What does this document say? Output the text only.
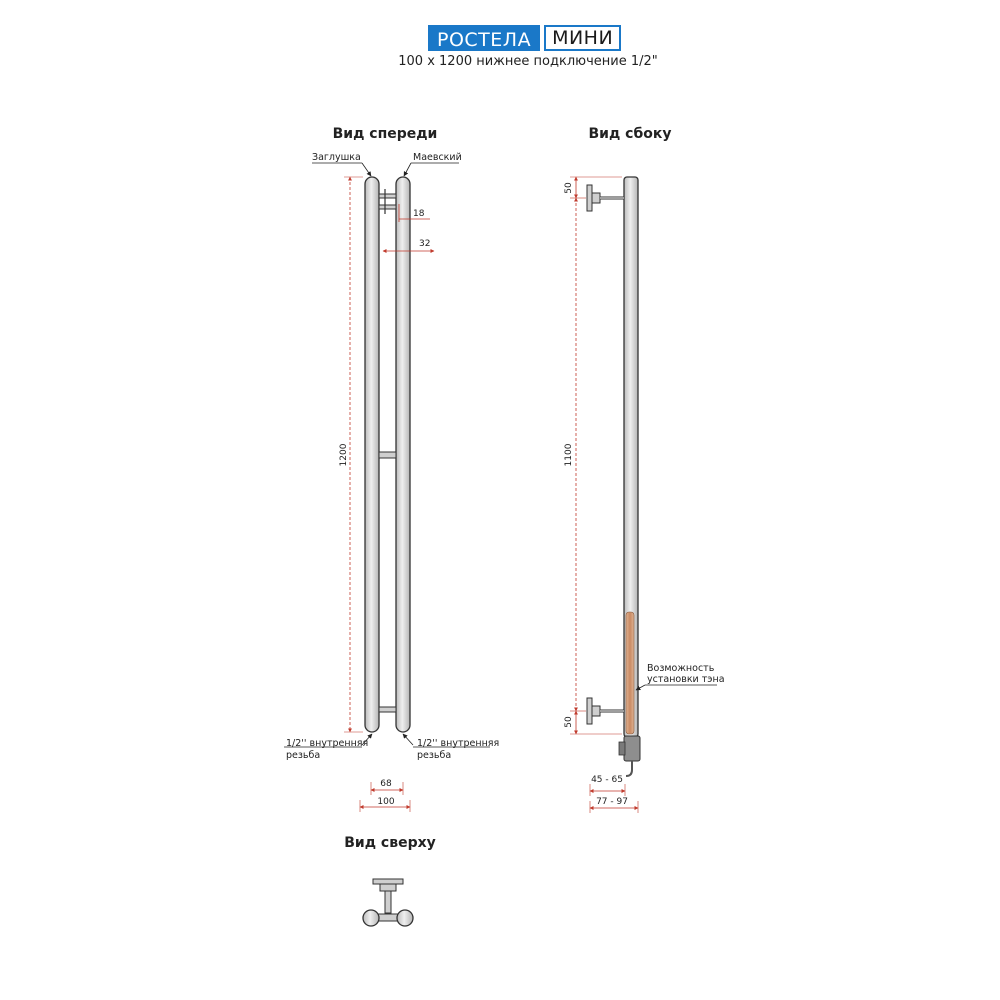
РОСТЕЛА	МИНИ
100 х 1200 нижнее подключение 1/2"
Вид спереди
Заглушка	Маевский
18
32
1200
1/2'' внутренняя
резьба
1/2'' внутренняя
резьба
68
100
Вид сбоку
50
1100
50
Возможность
установки тэна
45 - 65
77 - 97
Вид сверху
